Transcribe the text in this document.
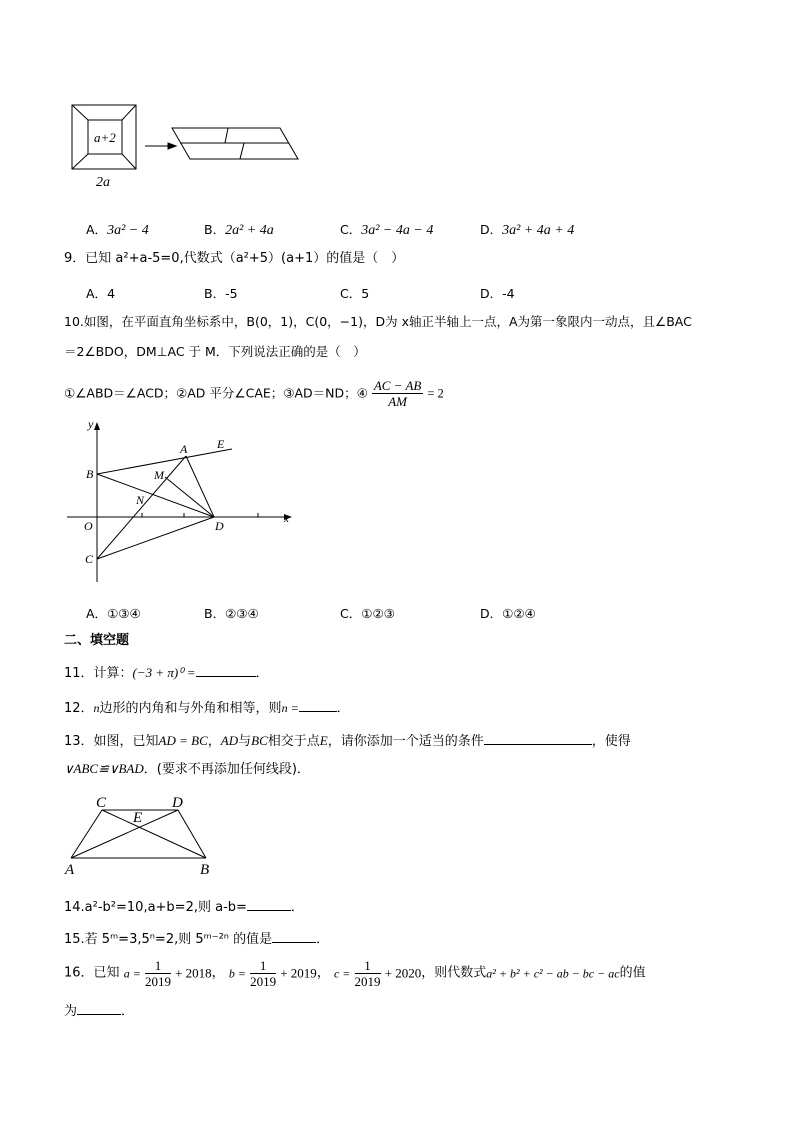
a+2
2a
A．3a² − 4	B．2a² + 4a	C．3a² − 4a − 4	D．3a² + 4a + 4
9．已知 a²+a-5=0,代数式（a²+5）(a+1）的值是（　）
A．4	B．-5	C．5	D．-4
10.如图，在平面直角坐标系中，B(0，1)，C(0，−1)，D为 x轴正半轴上一点，A为第一象限内一动点，且∠BAC
＝2∠BDO，DM⊥AC 于 M．下列说法正确的是（　）
①∠ABD＝∠ACD；②AD 平分∠CAE；③AD＝ND；④ $\frac{AC - AB}{AM} = 2$
y
x
O
B
C
D
A E
M
N
A．①③④	B．②③④	C．①②③	D．①②④
二、填空题
11．计算：(−3 + π)⁰ =	．
12．n边形的内角和与外角和相等，则n =	．
13．如图，已知AD = BC，AD与BC相交于点E，请你添加一个适当的条件	，使得
∨ABC≌∨BAD．(要求不再添加任何线段)．
C	D
E
A	B
14.a²-b²=10,a+b=2,则 a-b=	．
15.若 5ᵐ=3,5ⁿ=2,则 5ᵐ⁻²ⁿ 的值是	．
16．已知 $a = \frac{1}{2019} + 2018$， $b = \frac{1}{2019} + 2019$， $c = \frac{1}{2019} + 2020$，则代数式a² + b² + c² − ab − bc − ac的值
为	．
